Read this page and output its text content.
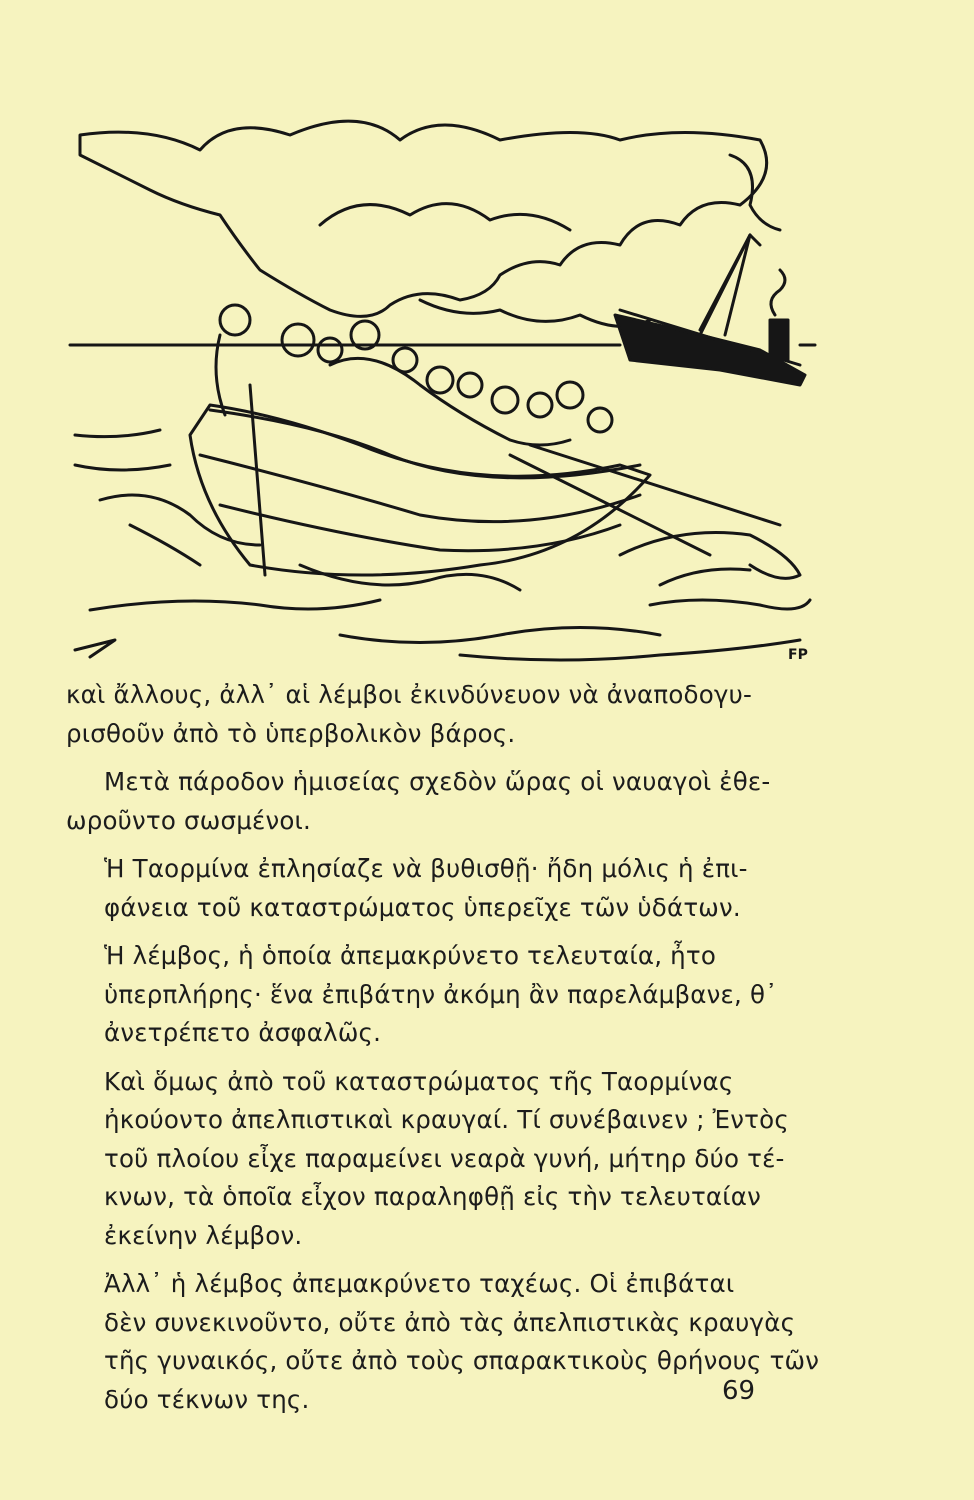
FP

καὶ ἄλλους, ἀλλ᾽ αἱ λέμβοι ἐκινδύνευον νὰ ἀναποδογυ-
ρισθοῦν ἀπὸ τὸ ὑπερβολικὸν βάρος.

Μετὰ πάροδον ἡμισείας σχεδὸν ὥρας οἱ ναυαγοὶ ἐθε-
ωροῦντο σωσμένοι.

Ἡ Ταορμίνα ἐπλησίαζε νὰ βυθισθῇ· ἤδη μόλις ἡ ἐπι-
φάνεια τοῦ καταστρώματος ὑπερεῖχε τῶν ὑδάτων.

Ἡ λέμβος, ἡ ὁποία ἀπεμακρύνετο τελευταία, ἦτο
ὑπερπλήρης· ἕνα ἐπιβάτην ἀκόμη ἂν παρελάμβανε, θ᾽
ἀνετρέπετο ἀσφαλῶς.

Καὶ ὅμως ἀπὸ τοῦ καταστρώματος τῆς Ταορμίνας
ἠκούοντο ἀπελπιστικαὶ κραυγαί. Τί συνέβαινεν ; Ἐντὸς
τοῦ πλοίου εἶχε παραμείνει νεαρὰ γυνή, μήτηρ δύο τέ-
κνων, τὰ ὁποῖα εἶχον παραληφθῇ εἰς τὴν τελευταίαν
ἐκείνην λέμβον.

Ἀλλ᾽ ἡ λέμβος ἀπεμακρύνετο ταχέως. Οἱ ἐπιβάται
δὲν συνεκινοῦντο, οὔτε ἀπὸ τὰς ἀπελπιστικὰς κραυγὰς
τῆς γυναικός, οὔτε ἀπὸ τοὺς σπαρακτικοὺς θρήνους τῶν
δύο τέκνων της.	69
